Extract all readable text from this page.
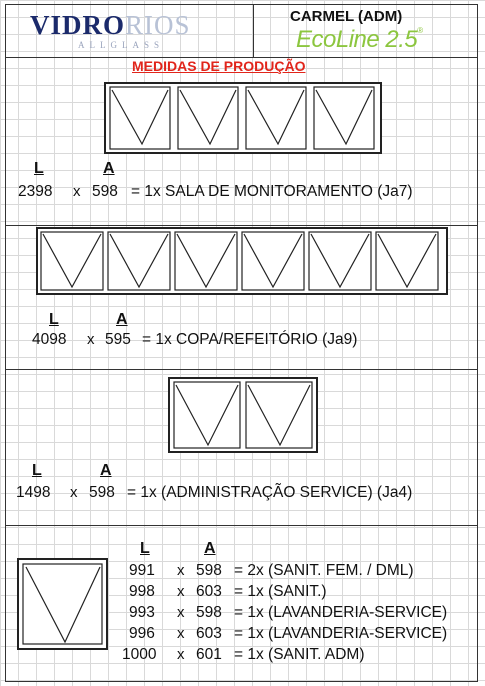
VIDRORIOS
ALLGLASS
CARMEL (ADM)
EcoLine 2.5®
MEDIDAS DE PRODUÇÃO
L	A
2398 x 598 = 1x SALA DE MONITORAMENTO (Ja7)
L	A
4098 x 595 = 1x COPA/REFEITÓRIO (Ja9)
L	A
1498 x 598 = 1x (ADMINISTRAÇÃO SERVICE) (Ja4)
L	A
991 x 598 = 2x (SANIT. FEM. / DML)
998 x 603 = 1x (SANIT.)
993 x 598 = 1x (LAVANDERIA-SERVICE)
996 x 603 = 1x (LAVANDERIA-SERVICE)
1000 x 601 = 1x (SANIT. ADM)
